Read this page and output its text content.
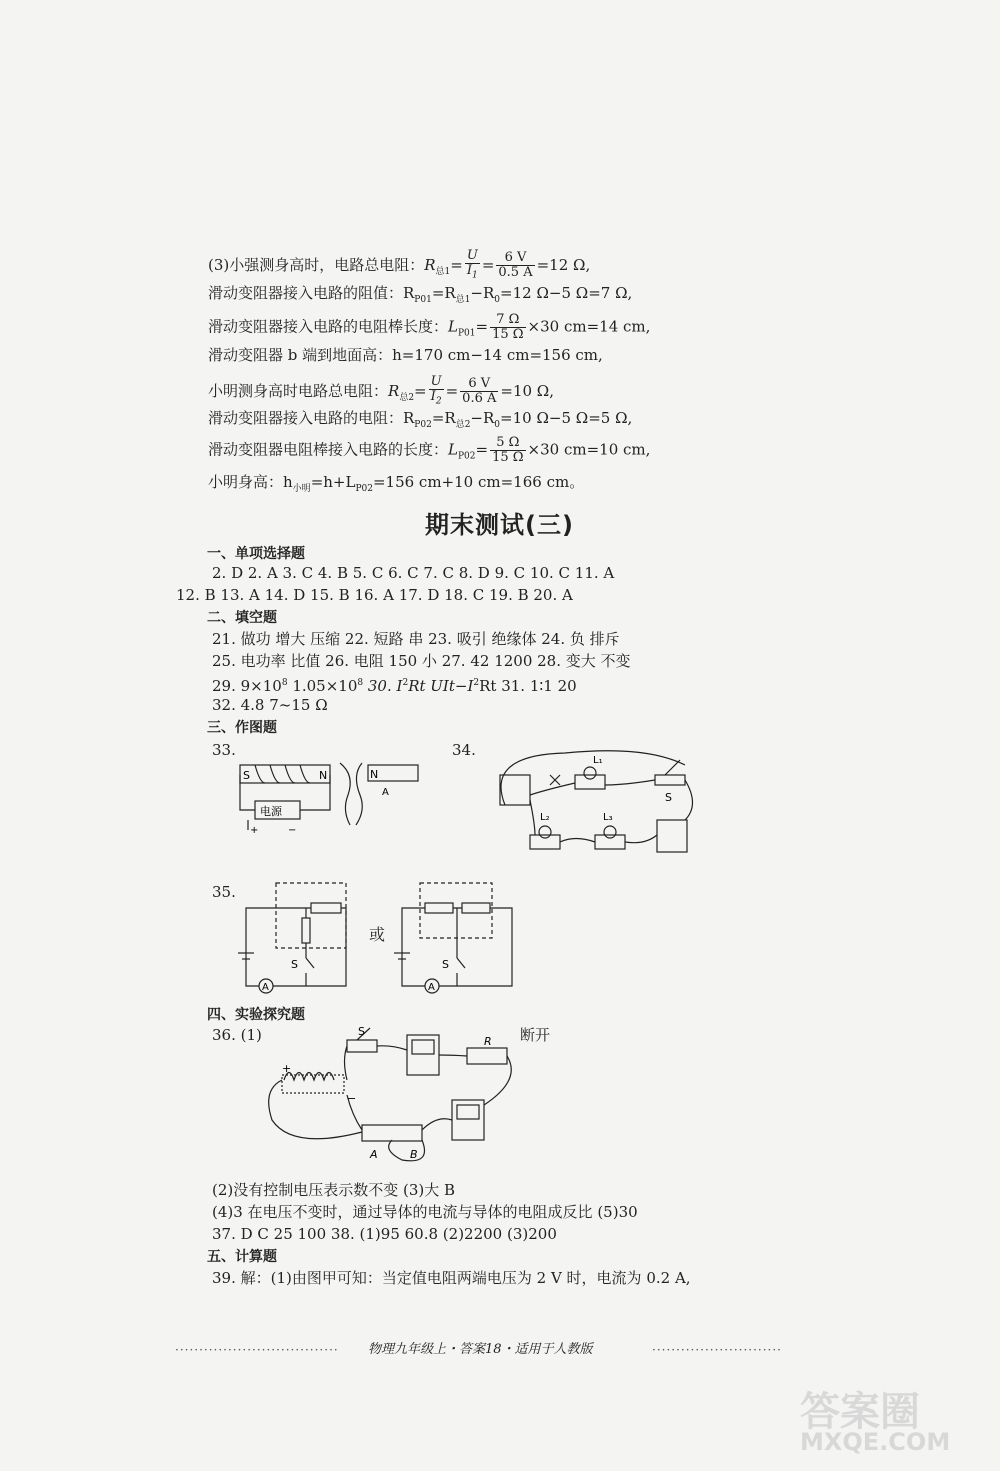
(3)小强测身高时，电路总电阻：$R_{总1}= \frac{U}{I_1} = \frac{6 V}{0.5 A} =12$ Ω,
滑动变阻器接入电路的阻值：$R_{P01}=R_{总1}-R_0=12$ Ω−5 Ω=7 Ω,
滑动变阻器接入电路的电阻棒长度：$L_{P01}= \frac{7 \Omega}{15 \Omega} \times 30$ cm=14 cm,
滑动变阻器 b 端到地面高：h=170 cm−14 cm=156 cm,
小明测身高时电路总电阻：$R_{总2}= \frac{U}{I_2} = \frac{6 V}{0.6 A} =10$ Ω,
滑动变阻器接入电路的电阻：$R_{P02}=R_{总2}-R_0=10$ Ω−5 Ω=5 Ω,
滑动变阻器电阻棒接入电路的长度：$L_{P02}= \frac{5 \Omega}{15 \Omega} \times 30$ cm=10 cm,
小明身高：$h_{小明}=h+L_{P02}=156$ cm+10 cm=166 cm。
期末测试(三)
一、单项选择题
2. D 2. A 3. C 4. B 5. C 6. C 7. C 8. D 9. C 10. C 11. A
12. B 13. A 14. D 15. B 16. A 17. D 18. C 19. B 20. A
二、填空题
21. 做功 增大 压缩 22. 短路 串 23. 吸引 绝缘体 24. 负 排斥
25. 电功率 比值 26. 电阻 150 小 27. 42 1200 28. 变大 不变
29. $9\times 10^8$ $1.05\times 10^8$ 30. $I^2Rt$ $UIt-I^2Rt$ 31. 1∶1 20
32. 4.8 7~15 Ω
三、作图题
33.	34.
S	N	N
A
电源
+	−
L₁
L₂	L₃
S
35.
S
A
或
S
A
四、实验探究题
36. (1)	断开
S
+
−
R
A	B
(2)没有控制电压表示数不变 (3)大 B
(4)3 在电压不变时，通过导体的电流与导体的电阻成反比 (5)30
37. D C 25 100 38. (1)95 60.8 (2)2200 (3)200
五、计算题
39. 解：(1)由图甲可知：当定值电阻两端电压为 2 V 时，电流为 0.2 A,
·································· 物理九年级上・答案18・适用于人教版	···························
答案圈
MXQE.COM
